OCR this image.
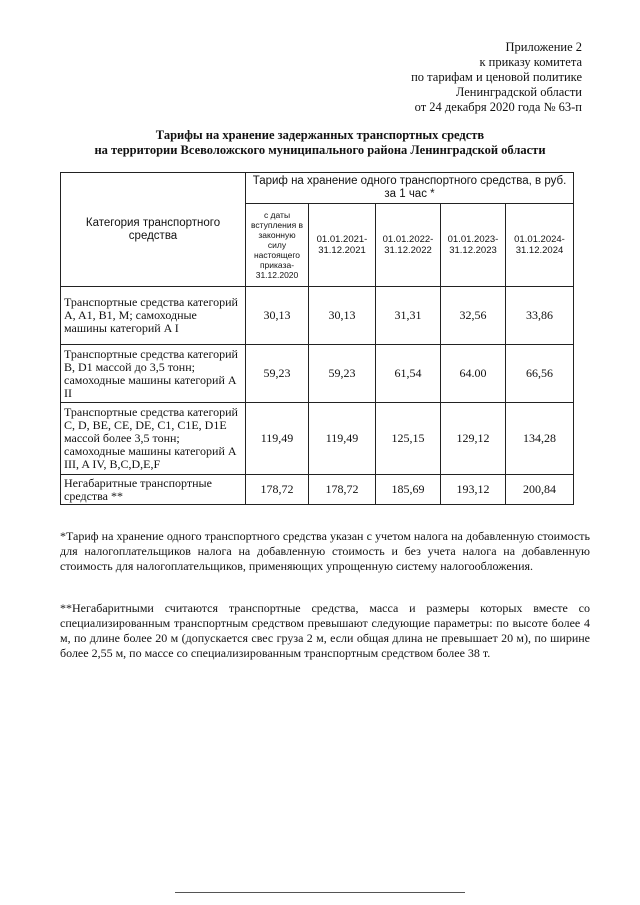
Приложение 2
к приказу комитета
по тарифам и ценовой политике
Ленинградской области
от 24 декабря 2020 года № 63-п
Тарифы на хранение задержанных транспортных средств
на территории Всеволожского муниципального района Ленинградской области
Категория транспортного средства	Тариф на хранение одного транспортного средства, в руб. за 1 час *				
	с даты вступления в законную силу настоящего приказа- 31.12.2020	01.01.2021- 31.12.2021	01.01.2022- 31.12.2022	01.01.2023- 31.12.2023	01.01.2024- 31.12.2024
Транспортные средства категорий A, A1, B1, M; самоходные машины категорий A I	30,13	30,13	31,31	32,56	33,86
Транспортные средства категорий B, D1 массой до 3,5 тонн; самоходные машины категорий A II	59,23	59,23	61,54	64.00	66,56
Транспортные средства категорий C, D, BE, CE, DE, C1, C1E, D1E массой более 3,5 тонн; самоходные машины категорий A III, A IV, B,C,D,E,F	119,49	119,49	125,15	129,12	134,28
Негабаритные транспортные средства **	178,72	178,72	185,69	193,12	200,84

*Тариф на хранение одного транспортного средства указан с учетом налога на добавленную стоимость для налогоплательщиков налога на добавленную стоимость и без учета налога на добавленную стоимость для налогоплательщиков, применяющих упрощенную систему налогообложения.

**Негабаритными считаются транспортные средства, масса и размеры которых вместе со специализированным транспортным средством превышают следующие параметры: по высоте более 4 м, по длине более 20 м (допускается свес груза 2 м, если общая длина не превышает 20 м), по ширине более 2,55 м, по массе со специализированным транспортным средством более 38 т.
